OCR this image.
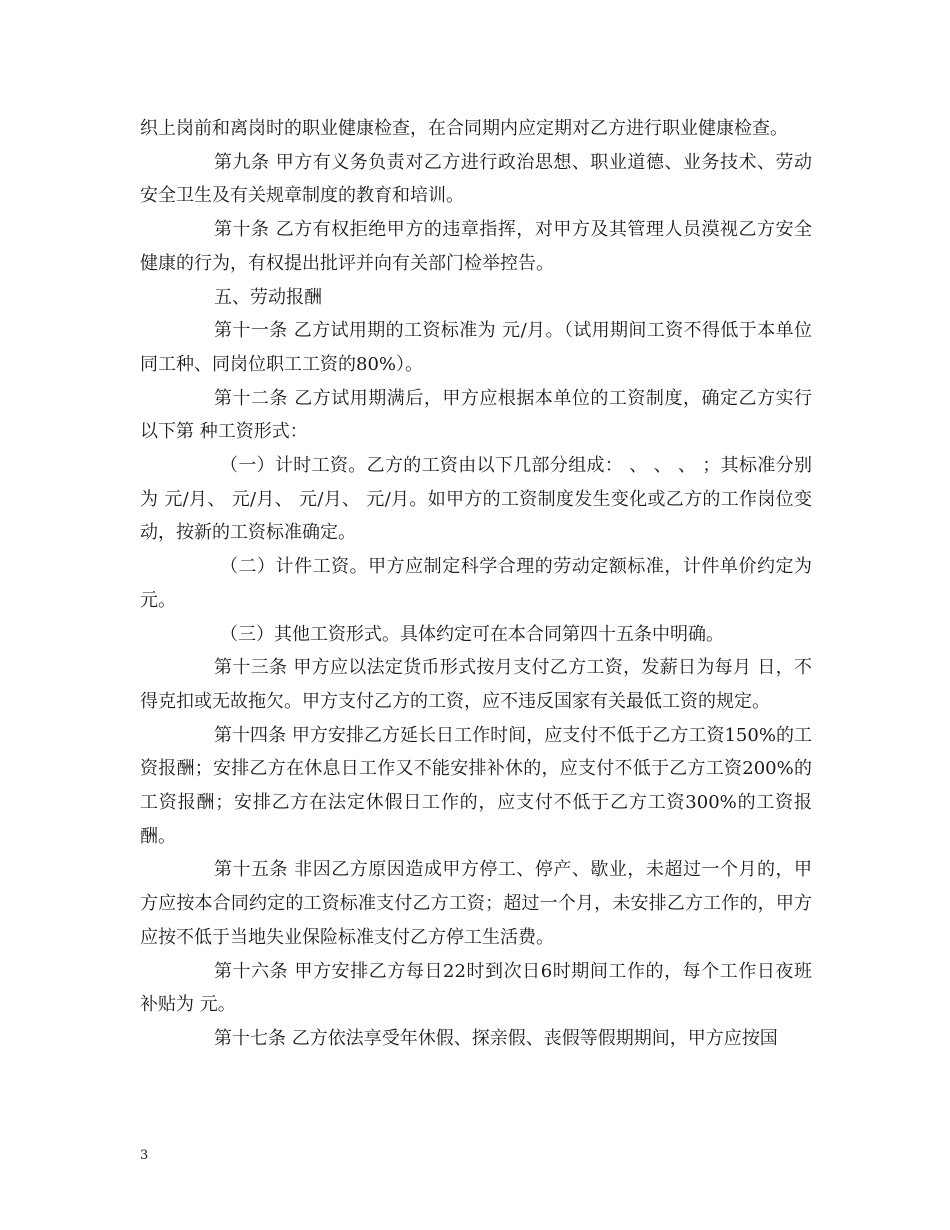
织上岗前和离岗时的职业健康检查，在合同期内应定期对乙方进行职业健康检查。

第九条 甲方有义务负责对乙方进行政治思想、职业道德、业务技术、劳动安全卫生及有关规章制度的教育和培训。

第十条 乙方有权拒绝甲方的违章指挥，对甲方及其管理人员漠视乙方安全健康的行为，有权提出批评并向有关部门检举控告。

五、劳动报酬

第十一条 乙方试用期的工资标准为 元/月。（试用期间工资不得低于本单位同工种、同岗位职工工资的80%）。

第十二条 乙方试用期满后，甲方应根据本单位的工资制度，确定乙方实行以下第 种工资形式：

（一）计时工资。乙方的工资由以下几部分组成： 、 、 、 ；其标准分别为 元/月、 元/月、 元/月、 元/月。如甲方的工资制度发生变化或乙方的工作岗位变动，按新的工资标准确定。

（二）计件工资。甲方应制定科学合理的劳动定额标准，计件单价约定为 元。

（三）其他工资形式。具体约定可在本合同第四十五条中明确。

第十三条 甲方应以法定货币形式按月支付乙方工资，发薪日为每月 日，不得克扣或无故拖欠。甲方支付乙方的工资，应不违反国家有关最低工资的规定。

第十四条 甲方安排乙方延长日工作时间，应支付不低于乙方工资150%的工资报酬；安排乙方在休息日工作又不能安排补休的，应支付不低于乙方工资200%的工资报酬；安排乙方在法定休假日工作的，应支付不低于乙方工资300%的工资报酬。

第十五条 非因乙方原因造成甲方停工、停产、歇业，未超过一个月的，甲方应按本合同约定的工资标准支付乙方工资；超过一个月，未安排乙方工作的，甲方应按不低于当地失业保险标准支付乙方停工生活费。

第十六条 甲方安排乙方每日22时到次日6时期间工作的，每个工作日夜班补贴为 元。

第十七条 乙方依法享受年休假、探亲假、丧假等假期期间，甲方应按国

3
